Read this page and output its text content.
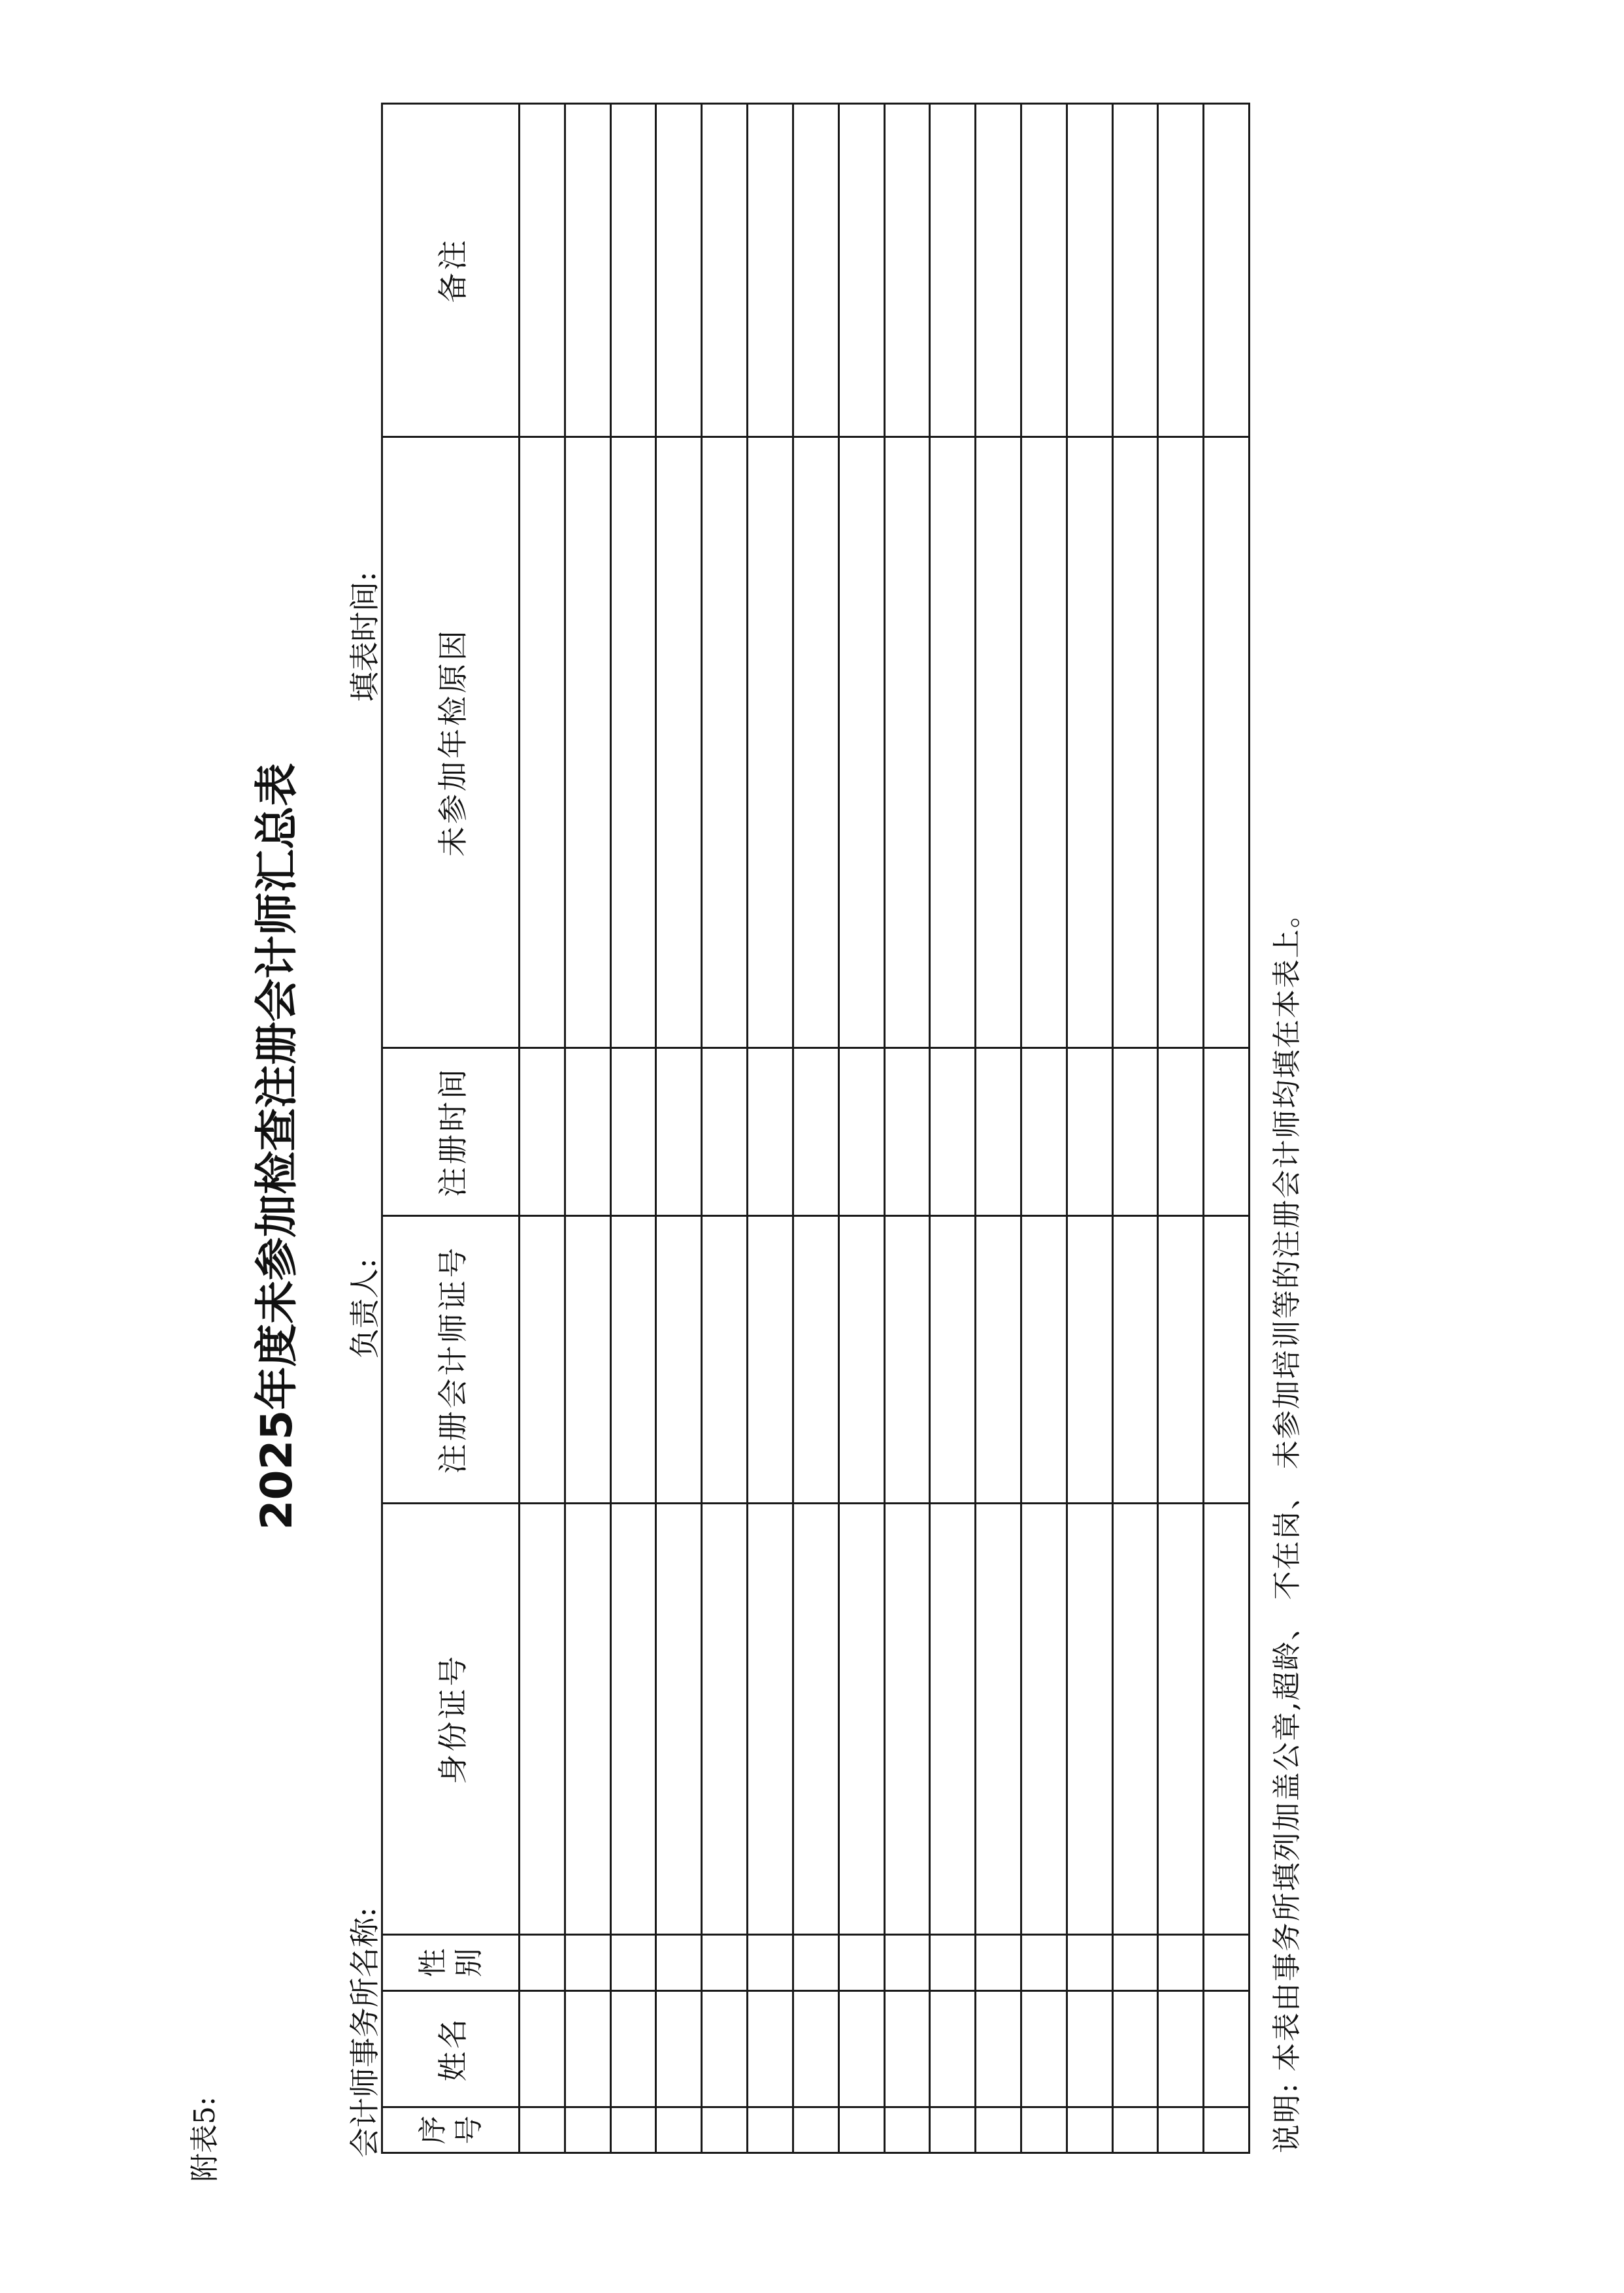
附表5:
2025年度未参加检查注册会计师汇总表
会计师事务所名称:
负责人:
填表时间:
序号	姓名	性别	身份证号	注册会计师证号	注册时间	未参加年检原因	备注

说明: 本表由事务所填列加盖公章,超龄、 不在岗、 未参加培训等的注册会计师均填在本表上。
